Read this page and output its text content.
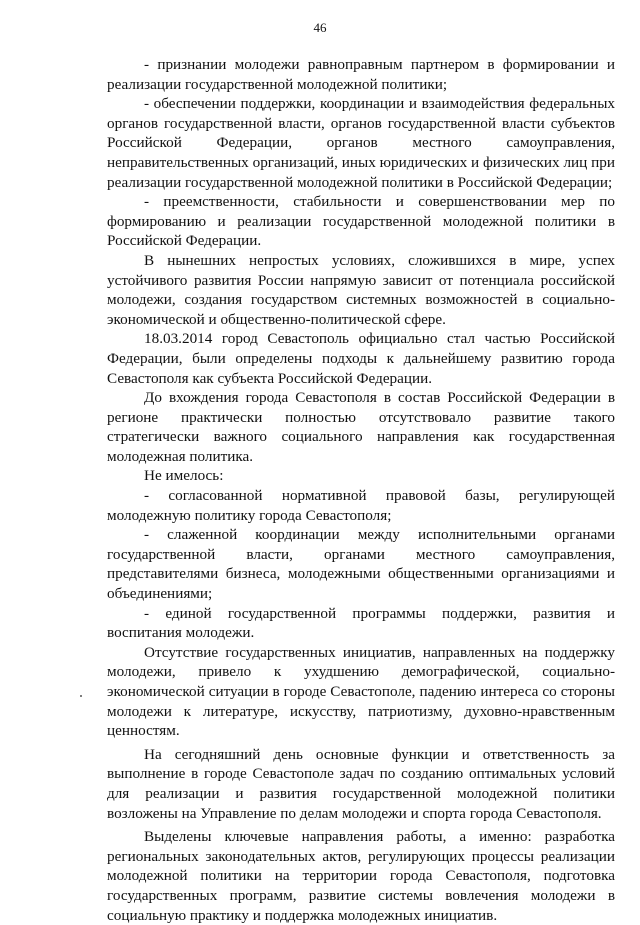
46

- признании молодежи равноправным партнером в формировании и реализации государственной молодежной политики;

- обеспечении поддержки, координации и взаимодействия федеральных органов государственной власти, органов государственной власти субъектов Российской Федерации, органов местного самоуправления, неправительственных организаций, иных юридических и физических лиц при реализации государственной молодежной политики в Российской Федерации;

- преемственности, стабильности и совершенствовании мер по формированию и реализации государственной молодежной политики в Российской Федерации.

В нынешних непростых условиях, сложившихся в мире, успех устойчивого развития России напрямую зависит от потенциала российской молодежи, создания государством системных возможностей в социально-экономической и общественно-политической сфере.

18.03.2014 город Севастополь официально стал частью Российской Федерации, были определены подходы к дальнейшему развитию города Севастополя как субъекта Российской Федерации.

До вхождения города Севастополя в состав Российской Федерации в регионе практически полностью отсутствовало развитие такого стратегически важного социального направления как государственная молодежная политика.

Не имелось:

- согласованной нормативной правовой базы, регулирующей молодежную политику города Севастополя;

- слаженной координации между исполнительными органами государственной власти, органами местного самоуправления, представителями бизнеса, молодежными общественными организациями и объединениями;

- единой государственной программы поддержки, развития и воспитания молодежи.

Отсутствие государственных инициатив, направленных на поддержку молодежи, привело к ухудшению демографической, социально-экономической ситуации в городе Севастополе, падению интереса со стороны молодежи к литературе, искусству, патриотизму, духовно-нравственным ценностям.

На сегодняшний день основные функции и ответственность за выполнение в городе Севастополе задач по созданию оптимальных условий для реализации и развития государственной молодежной политики возложены на Управление по делам молодежи и спорта города Севастополя.

Выделены ключевые направления работы, а именно: разработка региональных законодательных актов, регулирующих процессы реализации молодежной политики на территории города Севастополя, подготовка государственных программ, развитие системы вовлечения молодежи в социальную практику и поддержка молодежных инициатив.
